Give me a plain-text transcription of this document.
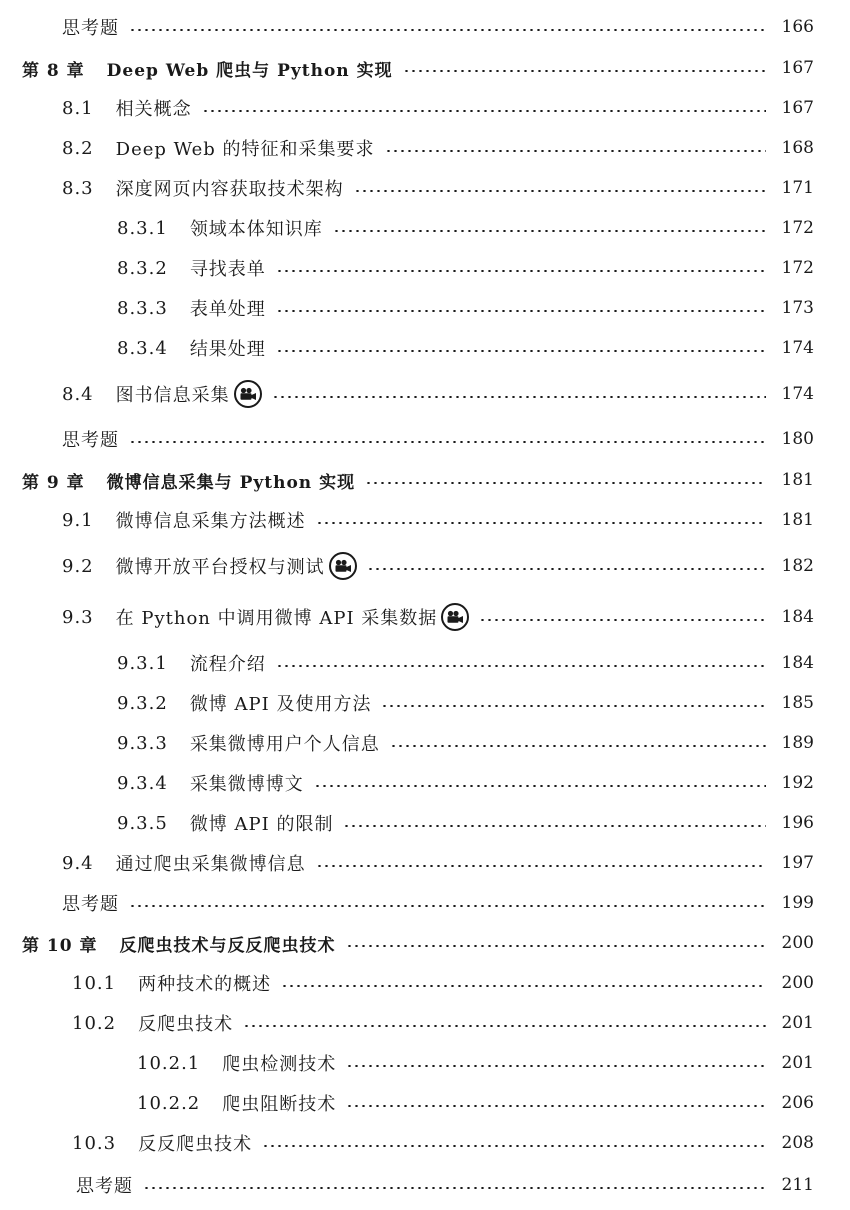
思考题	166
第 8 章 Deep Web 爬虫与 Python 实现	167
8.1 相关概念	167
8.2 Deep Web 的特征和采集要求	168
8.3 深度网页内容获取技术架构	171
8.3.1 领域本体知识库	172
8.3.2 寻找表单	172
8.3.3 表单处理	173
8.3.4 结果处理	174
8.4 图书信息采集	174
思考题	180
第 9 章 微博信息采集与 Python 实现	181
9.1 微博信息采集方法概述	181
9.2 微博开放平台授权与测试	182
9.3 在 Python 中调用微博 API 采集数据	184
9.3.1 流程介绍	184
9.3.2 微博 API 及使用方法	185
9.3.3 采集微博用户个人信息	189
9.3.4 采集微博博文	192
9.3.5 微博 API 的限制	196
9.4 通过爬虫采集微博信息	197
思考题	199
第 10 章 反爬虫技术与反反爬虫技术	200
10.1 两种技术的概述	200
10.2 反爬虫技术	201
10.2.1 爬虫检测技术	201
10.2.2 爬虫阻断技术	206
10.3 反反爬虫技术	208
思考题	211
